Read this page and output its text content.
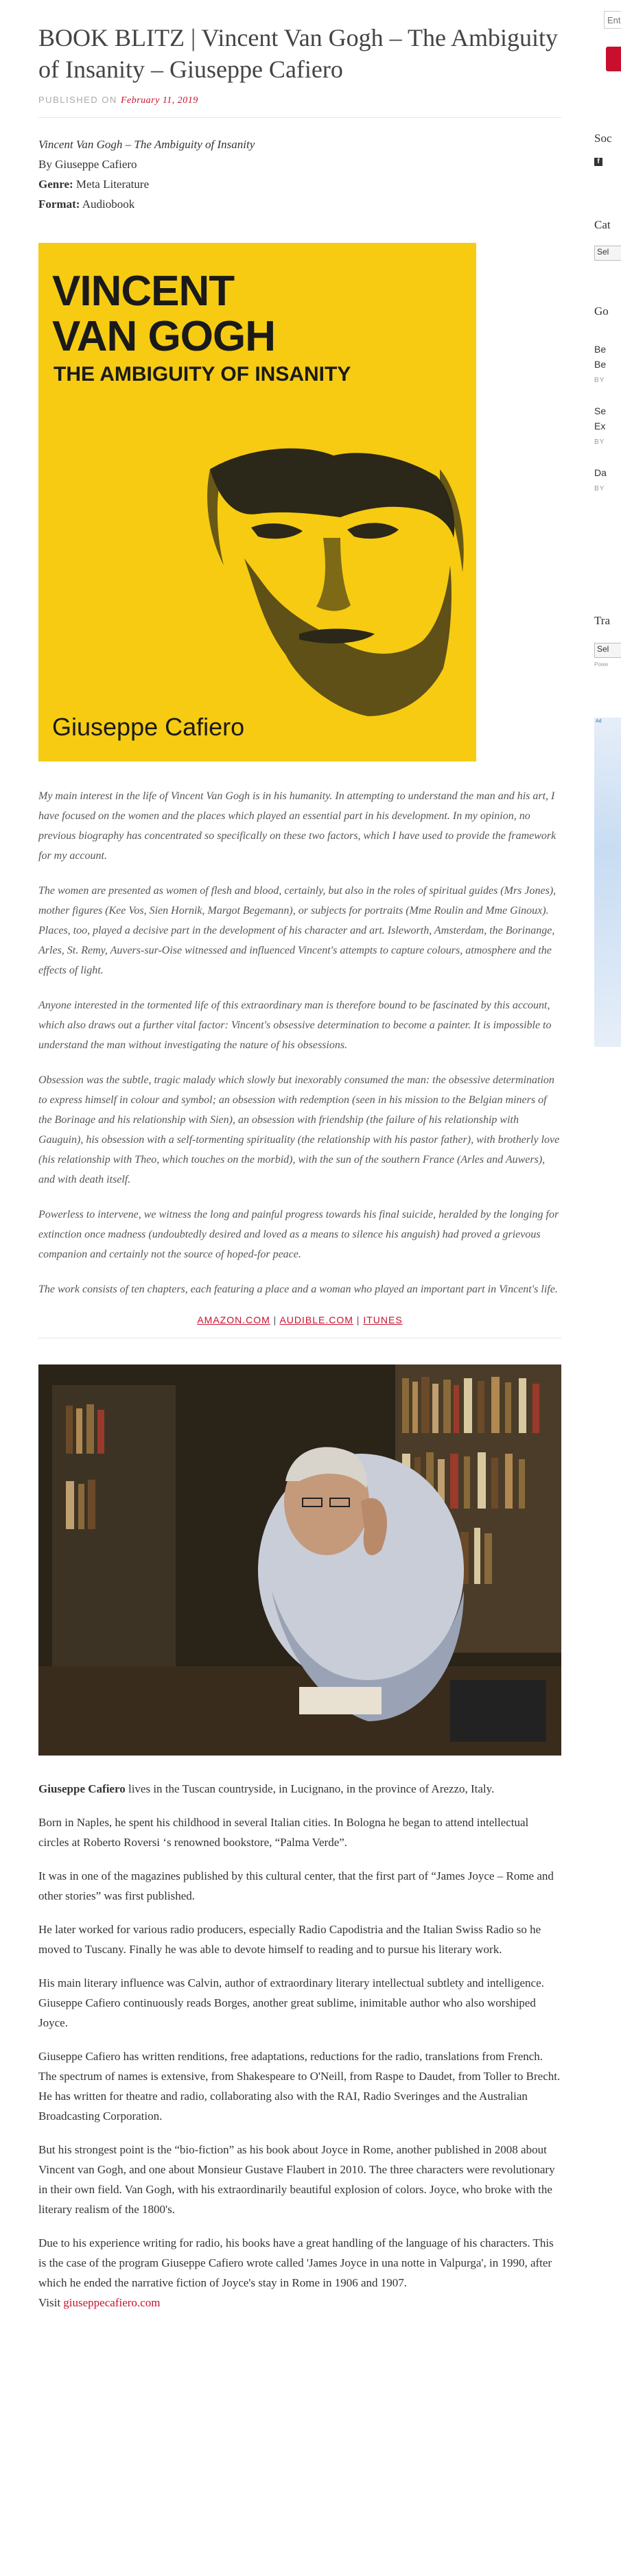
BOOK BLITZ | Vincent Van Gogh – The Ambiguity of Insanity – Giuseppe Cafiero
PUBLISHED ON February 11, 2019
Vincent Van Gogh – The Ambiguity of Insanity
By Giuseppe Cafiero
Genre: Meta Literature
Format: Audiobook
VINCENT
VAN GOGH
THE AMBIGUITY OF INSANITY
Giuseppe Cafiero

My main interest in the life of Vincent Van Gogh is in his humanity. In attempting to understand the man and his art, I have focused on the women and the places which played an essential part in his development. In my opinion, no previous biography has concentrated so specifically on these two factors, which I have used to provide the framework for my account.

The women are presented as women of flesh and blood, certainly, but also in the roles of spiritual guides (Mrs Jones), mother figures (Kee Vos, Sien Hornik, Margot Begemann), or subjects for portraits (Mme Roulin and Mme Ginoux). Places, too, played a decisive part in the development of his character and art. Isleworth, Amsterdam, the Borinange, Arles, St. Remy, Auvers-sur-Oise witnessed and influenced Vincent's attempts to capture colours, atmosphere and the effects of light.

Anyone interested in the tormented life of this extraordinary man is therefore bound to be fascinated by this account, which also draws out a further vital factor: Vincent's obsessive determination to become a painter. It is impossible to understand the man without investigating the nature of his obsessions.

Obsession was the subtle, tragic malady which slowly but inexorably consumed the man: the obsessive determination to express himself in colour and symbol; an obsession with redemption (seen in his mission to the Belgian miners of the Borinage and his relationship with Sien), an obsession with friendship (the failure of his relationship with Gauguin), his obsession with a self-tormenting spirituality (the relationship with his pastor father), with brotherly love (his relationship with Theo, which touches on the morbid), with the sun of the southern France (Arles and Auwers), and with death itself.

Powerless to intervene, we witness the long and painful progress towards his final suicide, heralded by the longing for extinction once madness (undoubtedly desired and loved as a means to silence his anguish) had proved a grievous companion and certainly not the source of hoped-for peace.

The work consists of ten chapters, each featuring a place and a woman who played an important part in Vincent's life.

AMAZON.COM | AUDIBLE.COM | ITUNES

Giuseppe Cafiero lives in the Tuscan countryside, in Lucignano, in the province of Arezzo, Italy.

Born in Naples, he spent his childhood in several Italian cities. In Bologna he began to attend intellectual circles at Roberto Roversi ‘s renowned bookstore, “Palma Verde”.

It was in one of the magazines published by this cultural center, that the first part of “James Joyce – Rome and other stories” was first published.

He later worked for various radio producers, especially Radio Capodistria and the Italian Swiss Radio so he moved to Tuscany. Finally he was able to devote himself to reading and to pursue his literary work.

His main literary influence was Calvin, author of extraordinary literary intellectual subtlety and intelligence. Giuseppe Cafiero continuously reads Borges, another great sublime, inimitable author who also worshiped Joyce.

Giuseppe Cafiero has written renditions, free adaptations, reductions for the radio, translations from French. The spectrum of names is extensive, from Shakespeare to O'Neill, from Raspe to Daudet, from Toller to Brecht. He has written for theatre and radio, collaborating also with the RAI, Radio Sveringes and the Australian Broadcasting Corporation.

But his strongest point is the “bio-fiction” as his book about Joyce in Rome, another published in 2008 about Vincent van Gogh, and one about Monsieur Gustave Flaubert in 2010. The three characters were revolutionary in their own field. Van Gogh, with his extraordinarily beautiful explosion of colors. Joyce, who broke with the literary realism of the 1800's.

Due to his experience writing for radio, his books have a great handling of the language of his characters. This is the case of the program Giuseppe Cafiero wrote called 'James Joyce in una notte in Valpurga', in 1990, after which he ended the narrative fiction of Joyce's stay in Rome in 1906 and 1907.
Visit giuseppecafiero.com

Ent
Soc
f
Cat
Sel
Go
Be
Be
BY
Se
Ex
BY
Da
BY
Tra
Sel
Powe
Ad
